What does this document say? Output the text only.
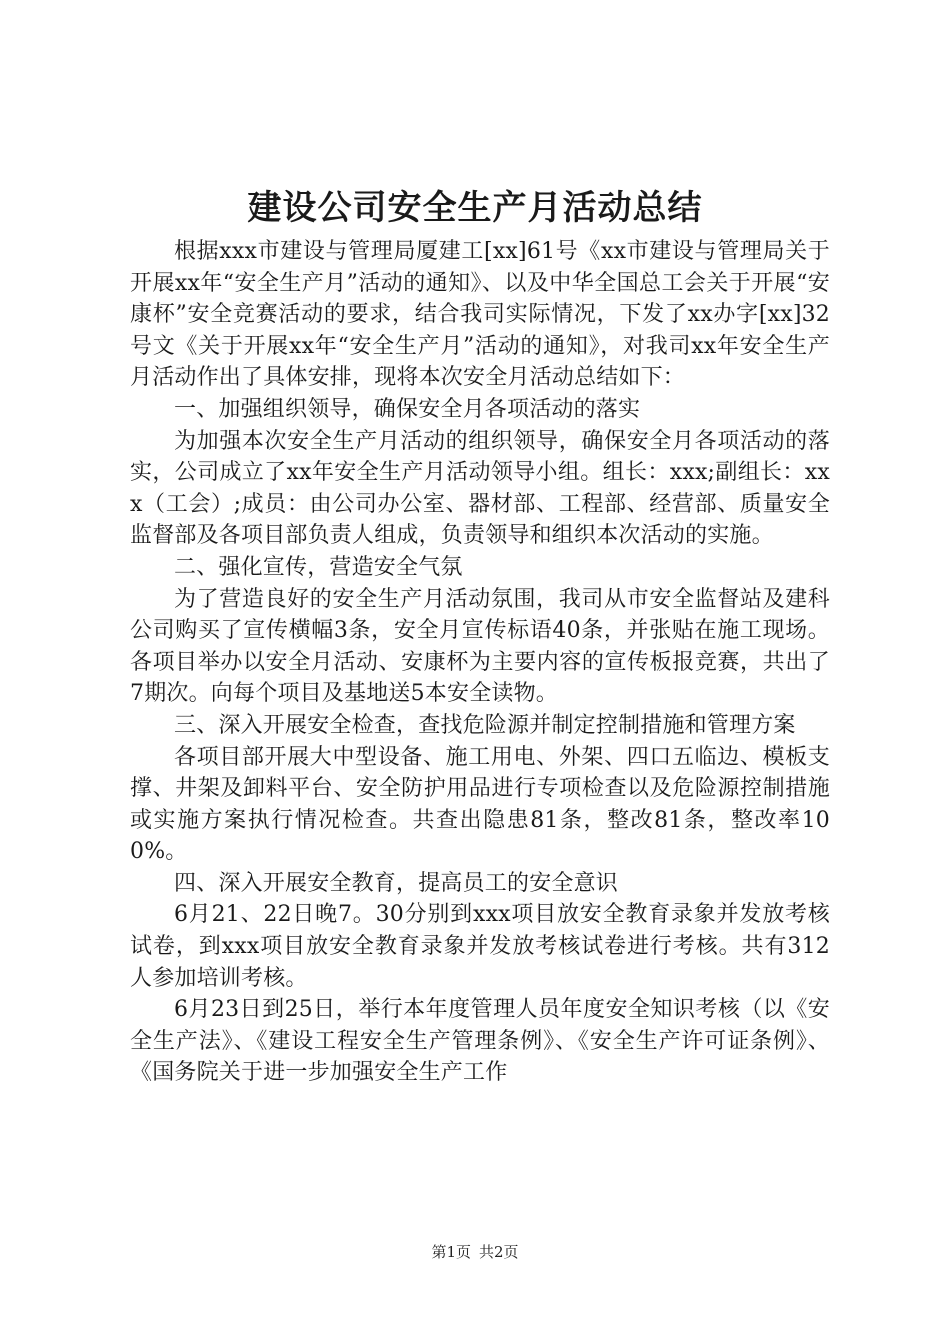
建设公司安全生产月活动总结

根据xxx市建设与管理局厦建工[xx]61号《xx市建设与管理局关于开展xx年“安全生产月”活动的通知》、以及中华全国总工会关于开展“安康杯”安全竞赛活动的要求，结合我司实际情况，下发了xx办字[xx]32号文《关于开展xx年“安全生产月”活动的通知》，对我司xx年安全生产月活动作出了具体安排，现将本次安全月活动总结如下：

一、加强组织领导，确保安全月各项活动的落实

为加强本次安全生产月活动的组织领导，确保安全月各项活动的落实，公司成立了xx年安全生产月活动领导小组。组长：xxx;副组长：xxx（工会）;成员：由公司办公室、器材部、工程部、经营部、质量安全监督部及各项目部负责人组成，负责领导和组织本次活动的实施。

二、强化宣传，营造安全气氛

为了营造良好的安全生产月活动氛围，我司从市安全监督站及建科公司购买了宣传横幅3条，安全月宣传标语40条，并张贴在施工现场。各项目举办以安全月活动、安康杯为主要内容的宣传板报竞赛，共出了7期次。向每个项目及基地送5本安全读物。

三、深入开展安全检查，查找危险源并制定控制措施和管理方案

各项目部开展大中型设备、施工用电、外架、四口五临边、模板支撑、井架及卸料平台、安全防护用品进行专项检查以及危险源控制措施或实施方案执行情况检查。共查出隐患81条，整改81条，整改率100%。

四、深入开展安全教育，提高员工的安全意识

6月21、22日晚7。30分别到xxx项目放安全教育录象并发放考核试卷，到xxx项目放安全教育录象并发放考核试卷进行考核。共有312人参加培训考核。

6月23日到25日，举行本年度管理人员年度安全知识考核（以《安全生产法》、《建设工程安全生产管理条例》、《安全生产许可证条例》、《国务院关于进一步加强安全生产工作

第1页 共2页
